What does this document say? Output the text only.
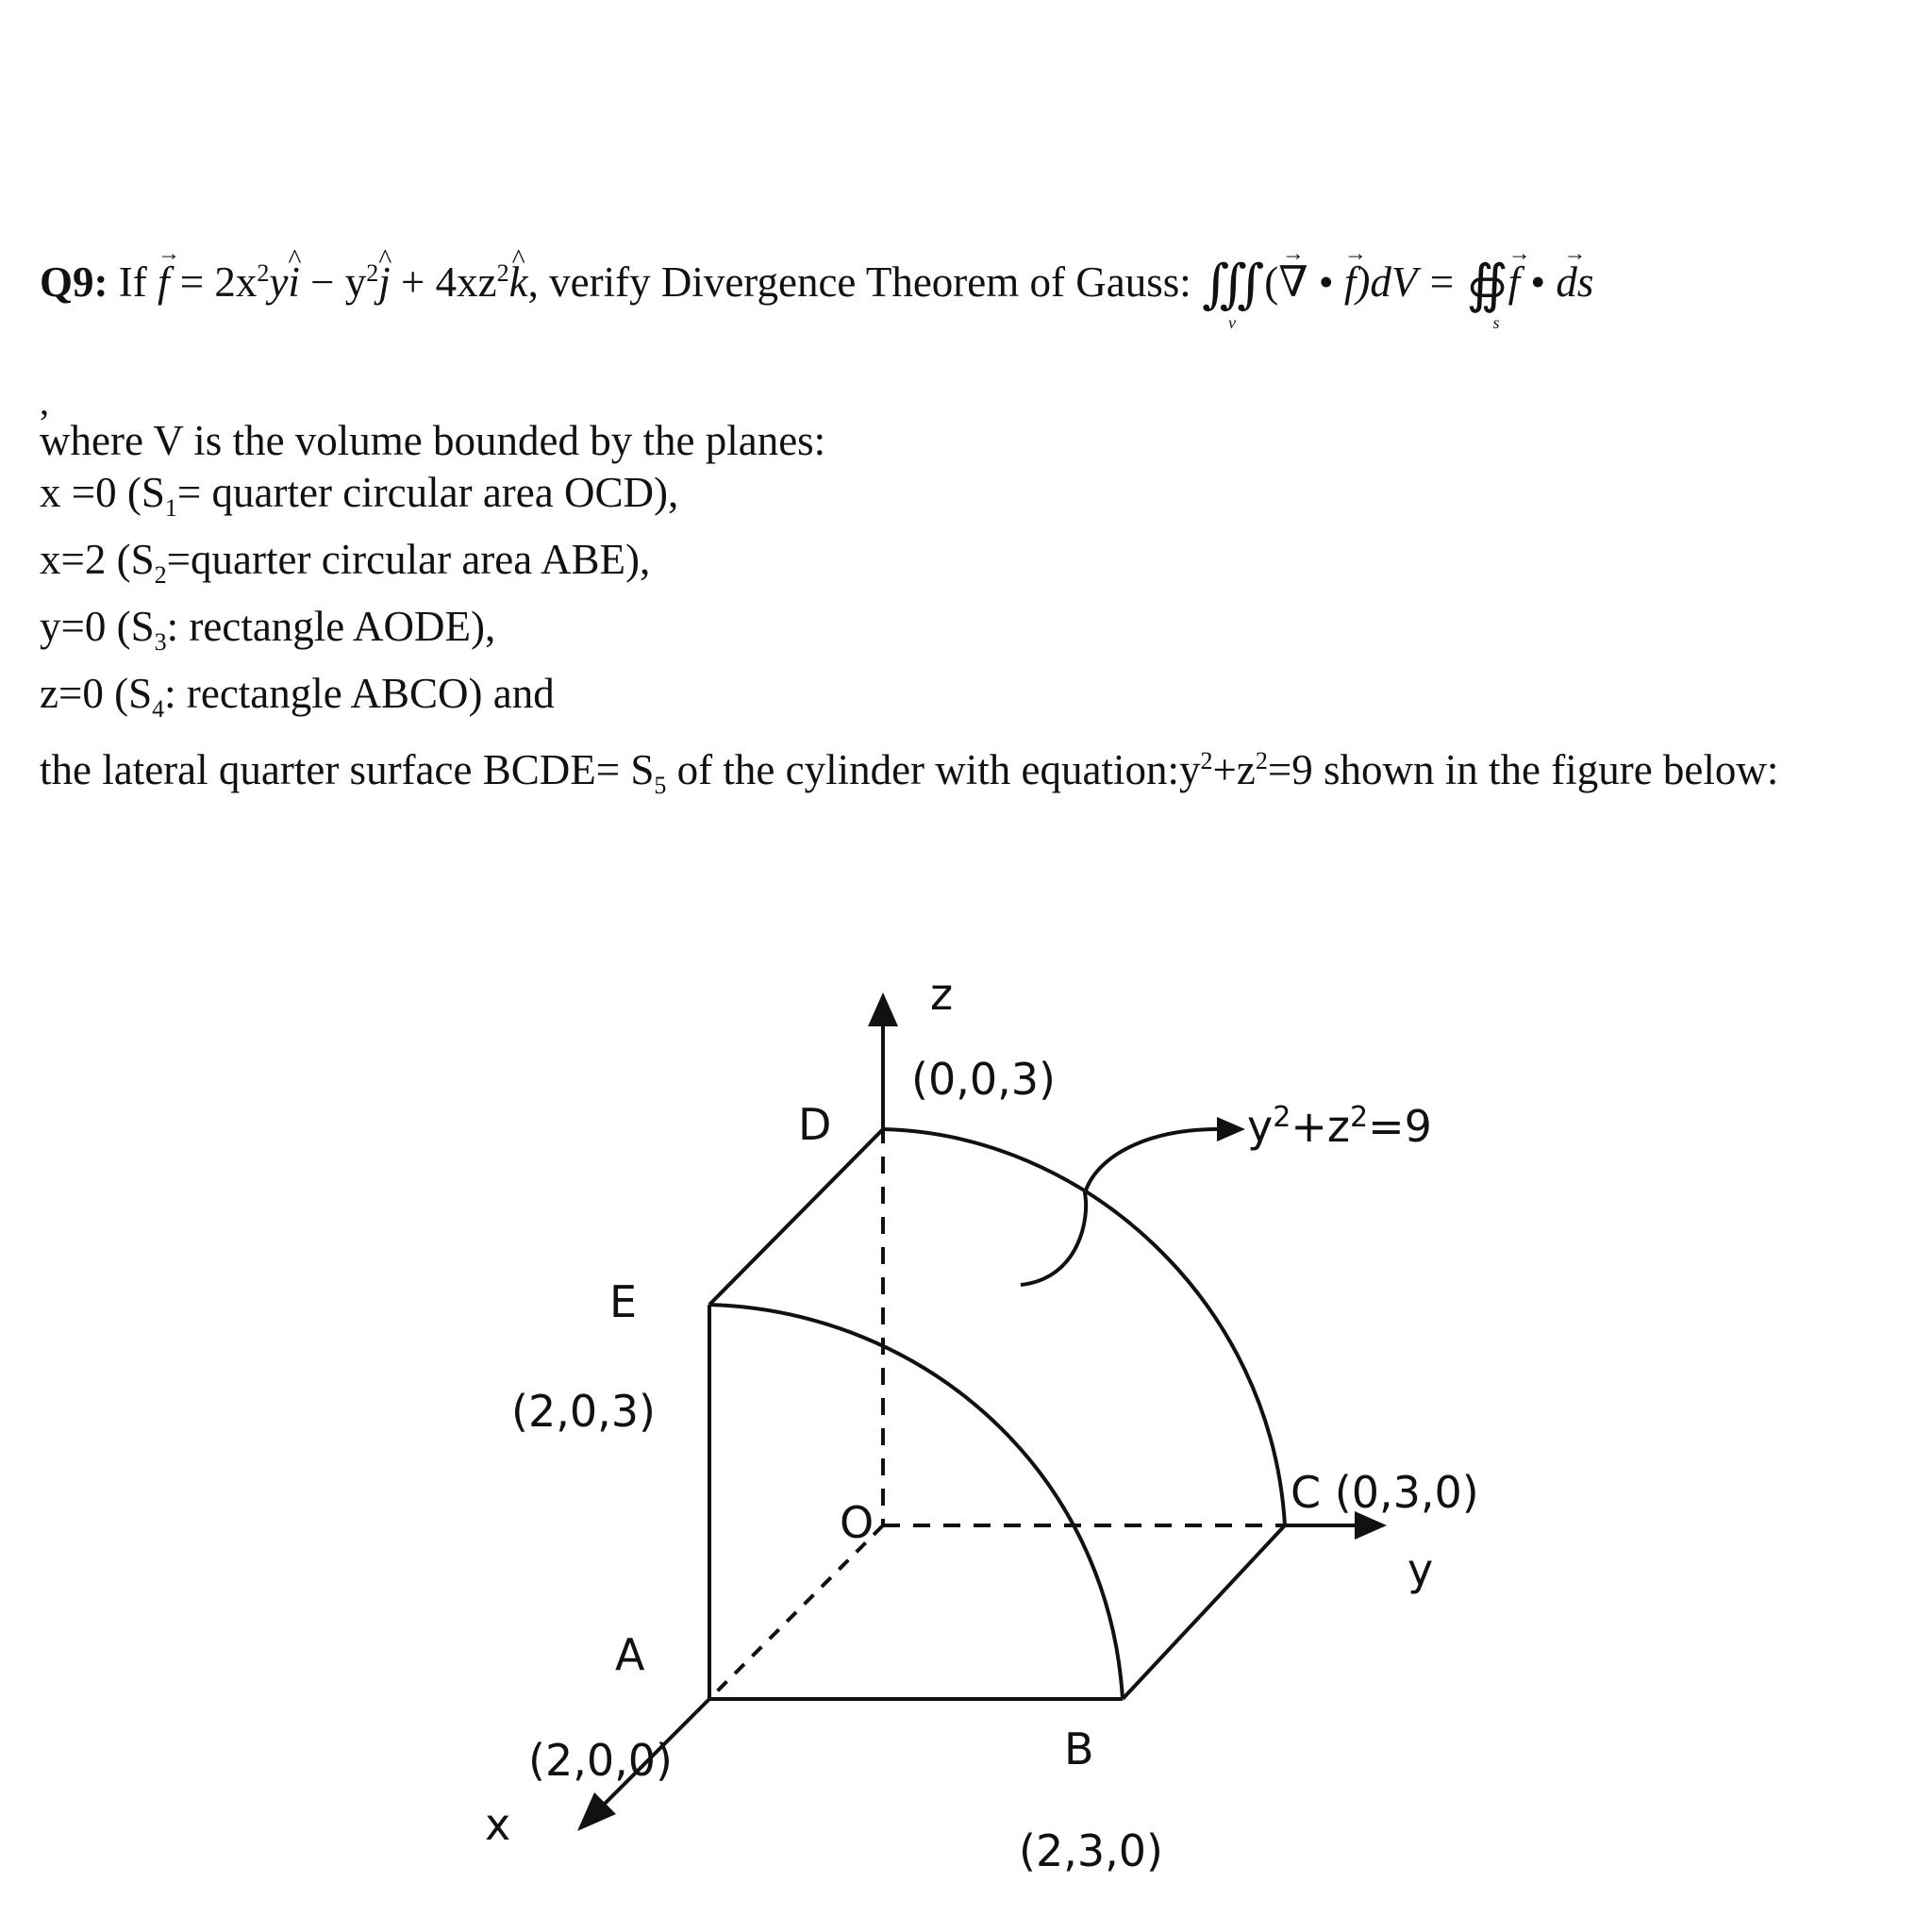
Q9: $If \to f = 2x^2y\^{}$ $i - y^2\^{}$ $j + 4xz^2\^{}$ k, verify Divergence Theorem of Gauss: ∭
v
(→ ∇ • → f)dV = ∯
s
→ f • → ds
,
where V is the volume bounded by the planes:
x =0 ($S_1=$ quarter circular area OCD),
x=2 ($S_2=quarter$ circular area ABE),
y=0 ($S_3$: rectangle AODE),
z=0 ($S_4$: rectangle ABCO) and
the lateral quarter surface BCDE= $S_5$ of the cylinder with $equation:y^2+z^2=9$ shown in the figure below:
z
(0,0,3)
D	$y^2+z^2=9$
E
(2,0,3)
O
C (0,3,0)
y
A
(2,0,0)	B
x
(2,3,0)
